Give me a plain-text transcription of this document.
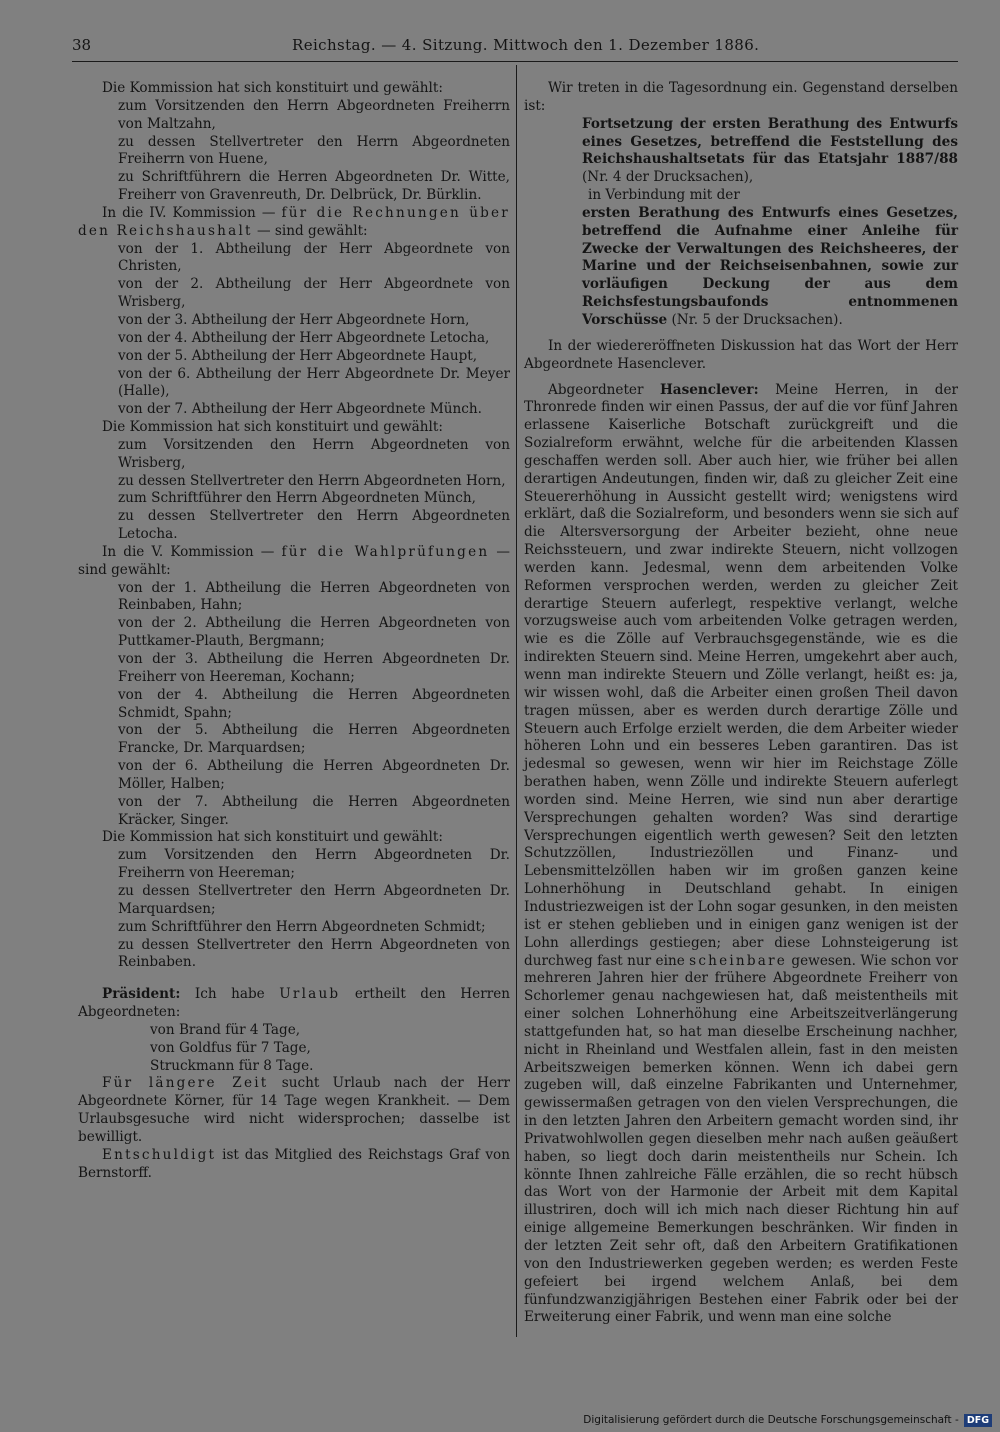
38	Reichstag. — 4. Sitzung. Mittwoch den 1. Dezember 1886.

Die Kommission hat sich konstituirt und gewählt:

zum Vorsitzenden den Herrn Abgeordneten Freiherrn von Maltzahn,

zu dessen Stellvertreter den Herrn Abgeordneten Freiherrn von Huene,

zu Schriftführern die Herren Abgeordneten Dr. Witte, Freiherr von Gravenreuth, Dr. Delbrück, Dr. Bürklin.

In die IV. Kommission — für die Rechnungen über den Reichshaushalt — sind gewählt:

von der 1. Abtheilung der Herr Abgeordnete von Christen,

von der 2. Abtheilung der Herr Abgeordnete von Wrisberg,

von der 3. Abtheilung der Herr Abgeordnete Horn,

von der 4. Abtheilung der Herr Abgeordnete Letocha,

von der 5. Abtheilung der Herr Abgeordnete Haupt,

von der 6. Abtheilung der Herr Abgeordnete Dr. Meyer (Halle),

von der 7. Abtheilung der Herr Abgeordnete Münch.

Die Kommission hat sich konstituirt und gewählt:

zum Vorsitzenden den Herrn Abgeordneten von Wrisberg,

zu dessen Stellvertreter den Herrn Abgeordneten Horn,

zum Schriftführer den Herrn Abgeordneten Münch,

zu dessen Stellvertreter den Herrn Abgeordneten Letocha.

In die V. Kommission — für die Wahlprüfungen — sind gewählt:

von der 1. Abtheilung die Herren Abgeordneten von Reinbaben, Hahn;

von der 2. Abtheilung die Herren Abgeordneten von Puttkamer-Plauth, Bergmann;

von der 3. Abtheilung die Herren Abgeordneten Dr. Freiherr von Heereman, Kochann;

von der 4. Abtheilung die Herren Abgeordneten Schmidt, Spahn;

von der 5. Abtheilung die Herren Abgeordneten Francke, Dr. Marquardsen;

von der 6. Abtheilung die Herren Abgeordneten Dr. Möller, Halben;

von der 7. Abtheilung die Herren Abgeordneten Kräcker, Singer.

Die Kommission hat sich konstituirt und gewählt:

zum Vorsitzenden den Herrn Abgeordneten Dr. Freiherrn von Heereman;

zu dessen Stellvertreter den Herrn Abgeordneten Dr. Marquardsen;

zum Schriftführer den Herrn Abgeordneten Schmidt;

zu dessen Stellvertreter den Herrn Abgeordneten von Reinbaben.

Präsident: Ich habe Urlaub ertheilt den Herren Abgeordneten:

von Brand für 4 Tage,

von Goldfus für 7 Tage,

Struckmann für 8 Tage.

Für längere Zeit sucht Urlaub nach der Herr Abgeordnete Körner, für 14 Tage wegen Krankheit. — Dem Urlaubsgesuche wird nicht widersprochen; dasselbe ist bewilligt.

Entschuldigt ist das Mitglied des Reichstags Graf von Bernstorff.

Wir treten in die Tagesordnung ein. Gegenstand derselben ist:

Fortsetzung der ersten Berathung des Entwurfs eines Gesetzes, betreffend die Feststellung des Reichshaushaltsetats für das Etatsjahr 1887/88 (Nr. 4 der Drucksachen),

in Verbindung mit der

ersten Berathung des Entwurfs eines Gesetzes, betreffend die Aufnahme einer Anleihe für Zwecke der Verwaltungen des Reichsheeres, der Marine und der Reichseisenbahnen, sowie zur vorläufigen Deckung der aus dem Reichsfestungsbaufonds entnommenen Vorschüsse (Nr. 5 der Drucksachen).

In der wiedereröffneten Diskussion hat das Wort der Herr Abgeordnete Hasenclever.

Abgeordneter Hasenclever: Meine Herren, in der Thronrede finden wir einen Passus, der auf die vor fünf Jahren erlassene Kaiserliche Botschaft zurückgreift und die Sozialreform erwähnt, welche für die arbeitenden Klassen geschaffen werden soll. Aber auch hier, wie früher bei allen derartigen Andeutungen, finden wir, daß zu gleicher Zeit eine Steuererhöhung in Aussicht gestellt wird; wenigstens wird erklärt, daß die Sozialreform, und besonders wenn sie sich auf die Altersversorgung der Arbeiter bezieht, ohne neue Reichssteuern, und zwar indirekte Steuern, nicht vollzogen werden kann. Jedesmal, wenn dem arbeitenden Volke Reformen versprochen werden, werden zu gleicher Zeit derartige Steuern auferlegt, respektive verlangt, welche vorzugsweise auch vom arbeitenden Volke getragen werden, wie es die Zölle auf Verbrauchsgegenstände, wie es die indirekten Steuern sind. Meine Herren, umgekehrt aber auch, wenn man indirekte Steuern und Zölle verlangt, heißt es: ja, wir wissen wohl, daß die Arbeiter einen großen Theil davon tragen müssen, aber es werden durch derartige Zölle und Steuern auch Erfolge erzielt werden, die dem Arbeiter wieder höheren Lohn und ein besseres Leben garantiren. Das ist jedesmal so gewesen, wenn wir hier im Reichstage Zölle berathen haben, wenn Zölle und indirekte Steuern auferlegt worden sind. Meine Herren, wie sind nun aber derartige Versprechungen gehalten worden? Was sind derartige Versprechungen eigentlich werth gewesen? Seit den letzten Schutzzöllen, Industriezöllen und Finanz- und Lebensmittelzöllen haben wir im großen ganzen keine Lohnerhöhung in Deutschland gehabt. In einigen Industriezweigen ist der Lohn sogar gesunken, in den meisten ist er stehen geblieben und in einigen ganz wenigen ist der Lohn allerdings gestiegen; aber diese Lohnsteigerung ist durchweg fast nur eine scheinbare gewesen. Wie schon vor mehreren Jahren hier der frühere Abgeordnete Freiherr von Schorlemer genau nachgewiesen hat, daß meistentheils mit einer solchen Lohnerhöhung eine Arbeitszeitverlängerung stattgefunden hat, so hat man dieselbe Erscheinung nachher, nicht in Rheinland und Westfalen allein, fast in den meisten Arbeitszweigen bemerken können. Wenn ich dabei gern zugeben will, daß einzelne Fabrikanten und Unternehmer, gewissermaßen getragen von den vielen Versprechungen, die in den letzten Jahren den Arbeitern gemacht worden sind, ihr Privatwohlwollen gegen dieselben mehr nach außen geäußert haben, so liegt doch darin meistentheils nur Schein. Ich könnte Ihnen zahlreiche Fälle erzählen, die so recht hübsch das Wort von der Harmonie der Arbeit mit dem Kapital illustriren, doch will ich mich nach dieser Richtung hin auf einige allgemeine Bemerkungen beschränken. Wir finden in der letzten Zeit sehr oft, daß den Arbeitern Gratifikationen von den Industriewerken gegeben werden; es werden Feste gefeiert bei irgend welchem Anlaß, bei dem fünfundzwanzigjährigen Bestehen einer Fabrik oder bei der Erweiterung einer Fabrik, und wenn man eine solche

Digitalisierung gefördert durch die Deutsche Forschungsgemeinschaft - DFG
